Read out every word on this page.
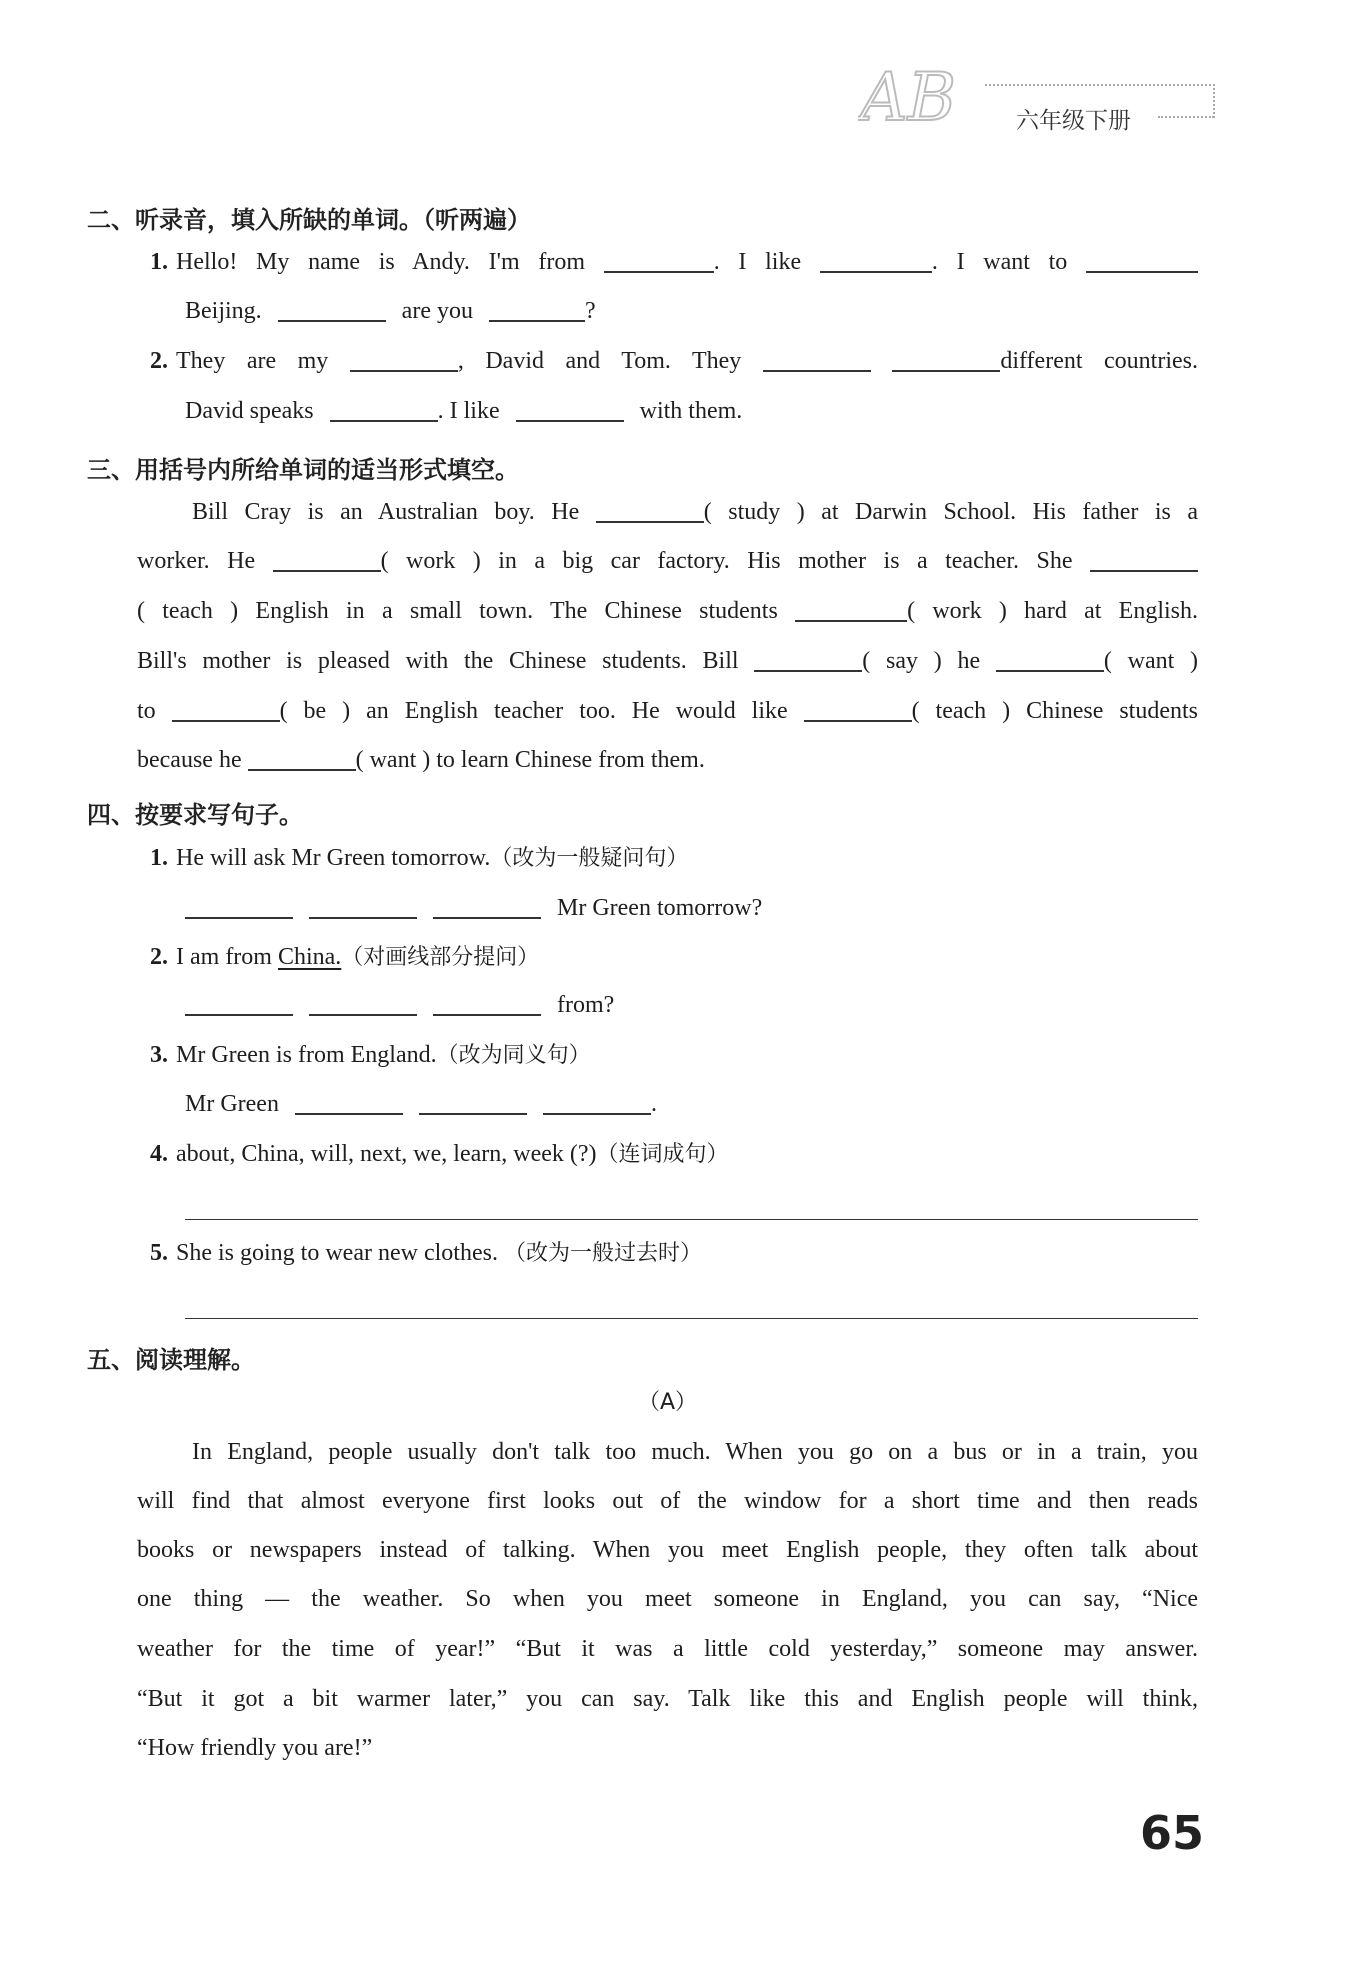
AB	六年级下册
二、听录音，填入所缺的单词。（听两遍）
1. Hello! My name is Andy. I'm from	. I like	. I want to
Beijing.	are you	?
2. They are my	, David and Tom. They	different countries.
David speaks	. I like	with them.
三、用括号内所给单词的适当形式填空。
Bill Cray is an Australian boy. He	( study ) at Darwin School. His father is a
worker. He	( work ) in a big car factory. His mother is a teacher. She
( teach ) English in a small town. The Chinese students	( work ) hard at English.
Bill's mother is pleased with the Chinese students. Bill	( say ) he	( want )
to	( be ) an English teacher too. He would like	( teach ) Chinese students
because he	( want ) to learn Chinese from them.
四、按要求写句子。
1. He will ask Mr Green tomorrow.（改为一般疑问句）
Mr Green tomorrow?
2. I am from China.（对画线部分提问）
from?
3. Mr Green is from England.（改为同义句）
Mr Green	.
4. about, China, will, next, we, learn, week (?)（连词成句）
5. She is going to wear new clothes. （改为一般过去时）
五、阅读理解。
（A）
In England, people usually don't talk too much. When you go on a bus or in a train, you
will find that almost everyone first looks out of the window for a short time and then reads
books or newspapers instead of talking. When you meet English people, they often talk about
one thing — the weather. So when you meet someone in England, you can say, “Nice
weather for the time of year!” “But it was a little cold yesterday,” someone may answer.
“But it got a bit warmer later,” you can say. Talk like this and English people will think,
“How friendly you are!”
65
